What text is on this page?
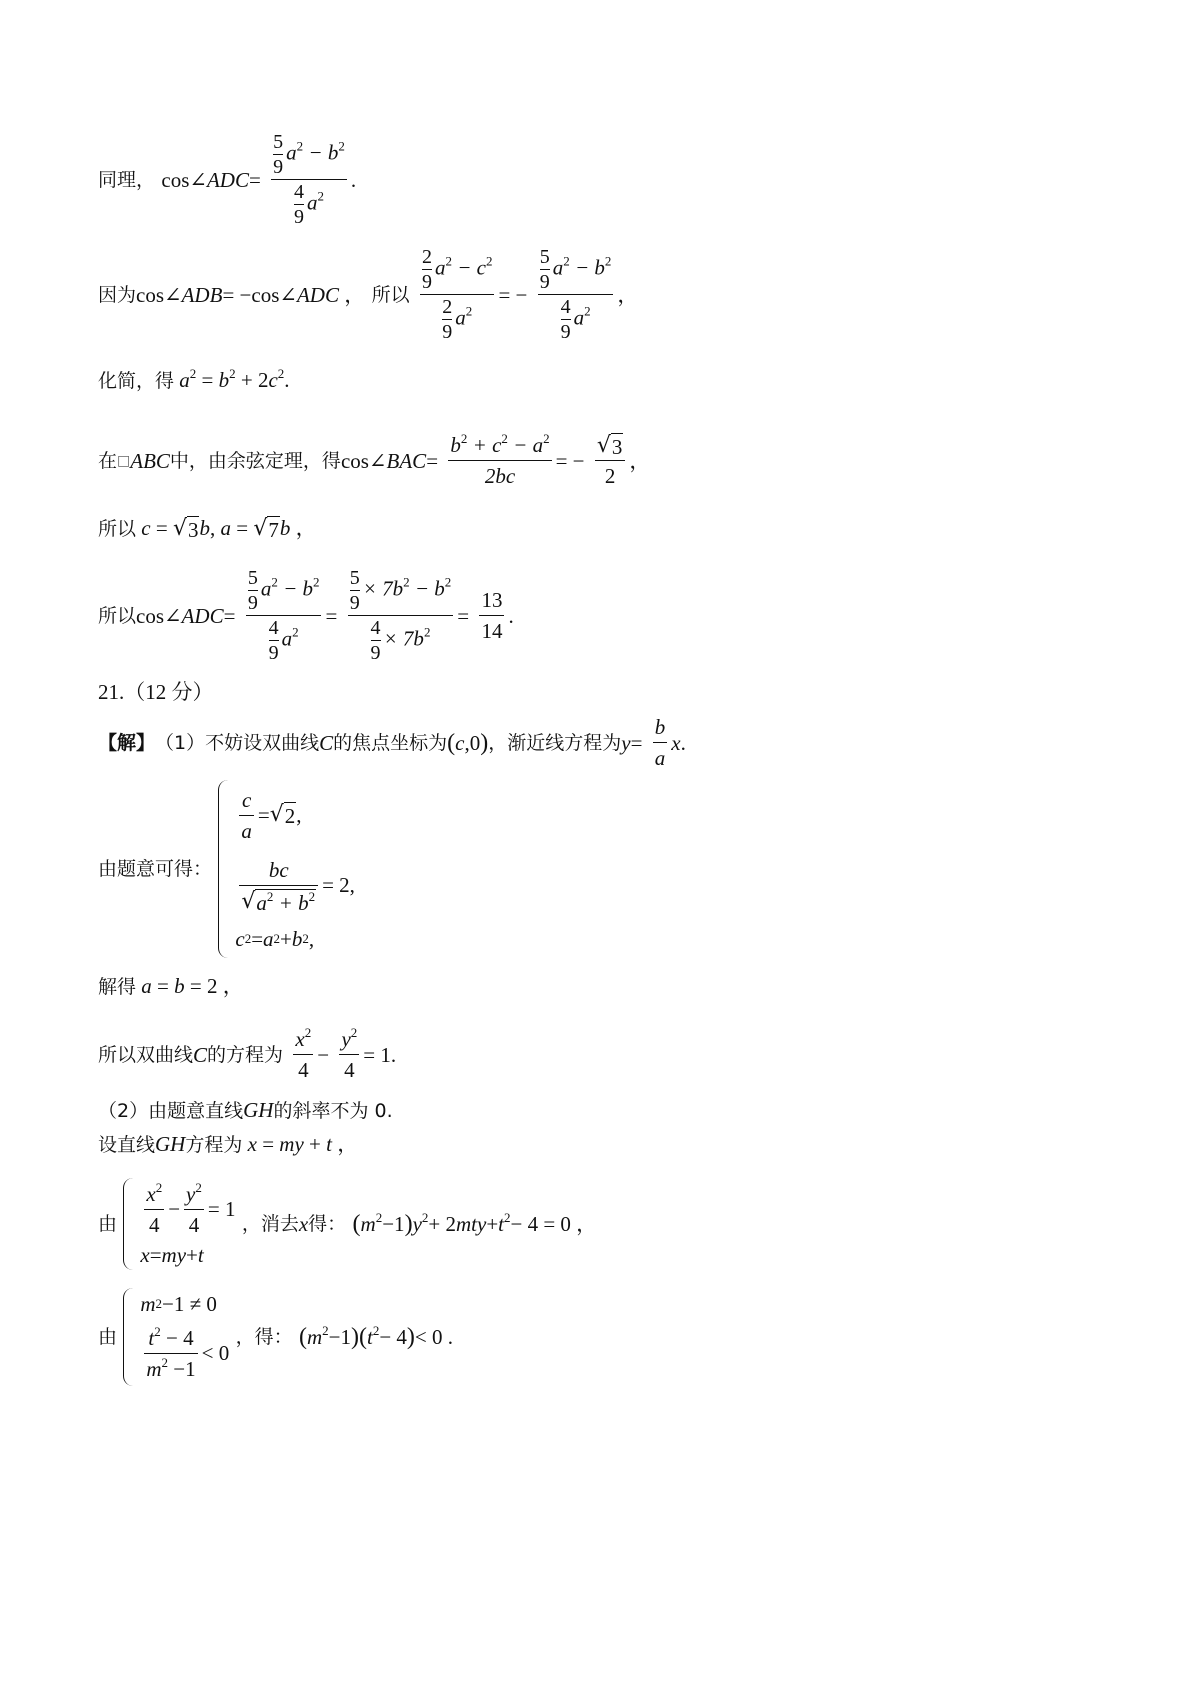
同理， cos∠ADC= $\frac{\frac{5}{9} a^2 - b^2}{\frac{4}{9} a^2}$ .
因为cos∠ADB= −cos∠ADC ， 所以 $\frac{\frac{2}{9} a^2 - c^2}{\frac{2}{9} a^2}$ = − $\frac{\frac{5}{9} a^2 - b^2}{\frac{4}{9} a^2}$ ，
化简，得 $a^2 = b^2 + 2c^2$.
在□ABC中，由余弦定理，得cos∠BAC= $\frac{b^2 + c^2 - a^2}{2bc}$ = − $\frac{√ 3}{2}$ ，
所以 c = √ 3 b, a = √ 7 b ，
所以cos∠ADC= $\frac{\frac{5}{9} a^2 - b^2}{\frac{4}{9} a^2} = \frac{\frac{5}{9} \times 7b^2 - b^2}{\frac{4}{9} \times 7b^2} = \frac{13}{14}$ .
21.（12 分）
【解】（1）不妨设双曲线C的焦点坐标为(c,0)，渐近线方程为$y= \frac{b}{a} x$.
由题意可得：
$\frac{c}{a}$ = √ 2 ,
$\frac{bc}{√ a^2 + b^2} = 2$,
c 2 = a 2 + b 2 ,
解得 a = b = 2 ，
所以双曲线C的方程为 $\frac{x^2}{4} - \frac{y^2}{4} = 1$.
（2）由题意直线GH的斜率不为 0.
设直线GH方程为 x = my + t ，
由 $\frac{x^2}{4} - \frac{y^2}{4} = 1$
x = my + t
，消去x得： $(m^2-1)y^2+ 2mty+t^2- 4 = 0$ ，
由
m 2 −1 ≠ 0
$\frac{t^2 - 4}{m^2 -1} < 0$
，得： $(m^2-1)(t^2- 4)< 0$ .
